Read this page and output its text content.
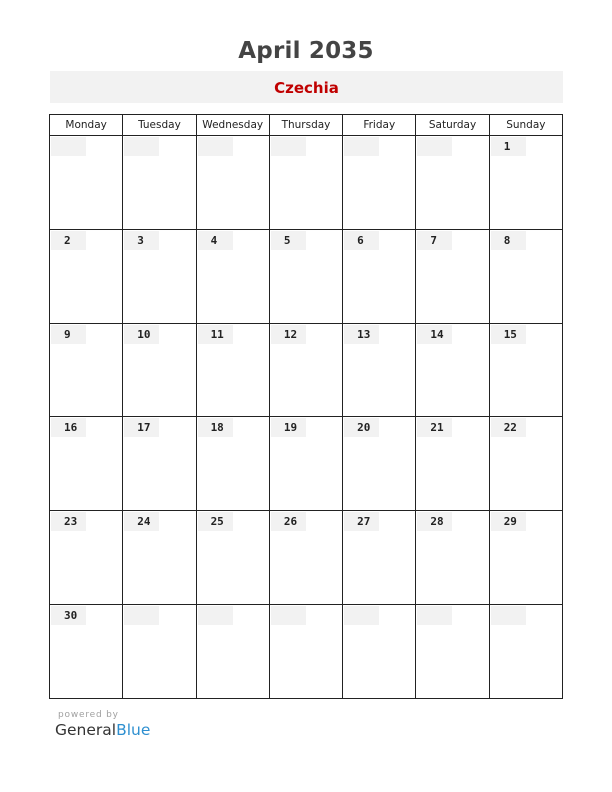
April 2035
Czechia
Monday	Tuesday	Wednesday	Thursday	Friday	Saturday	Sunday

						1

2	3	4	5	6	7	8

9	10	11	12	13	14	15

16	17	18	19	20	21	22

23	24	25	26	27	28	29

30						

powered by
GeneralBlue
